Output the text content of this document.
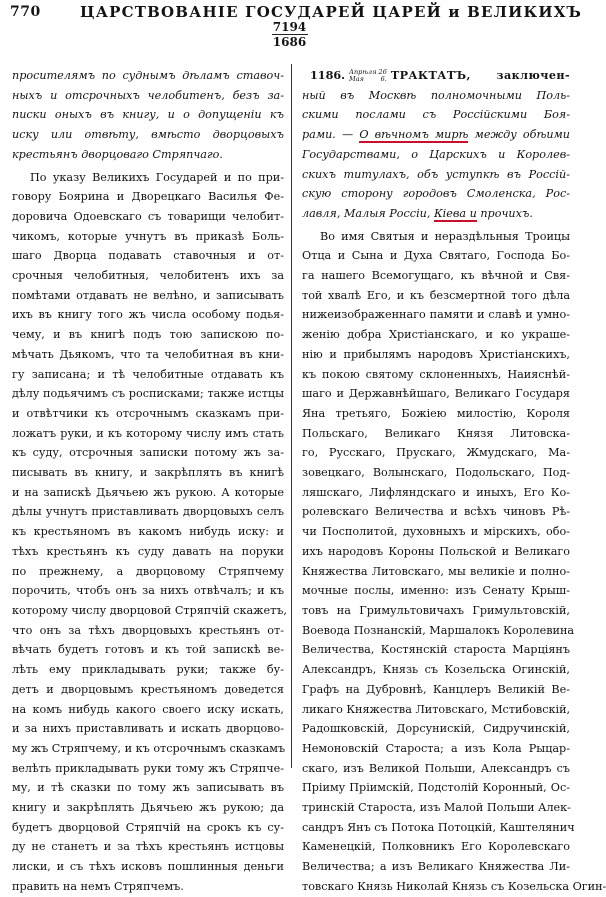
770	ЦАРСТВОВАНІЕ ГОСУДАРЕЙ ЦАРЕЙ и ВЕЛИКИХЪ
7194
1686
просителямъ по суднымъ дѣламъ ставоч-
ныхъ и отсрочныхъ челобитенъ, безъ за-
писки оныхъ въ книгу, и о допущеніи къ
иску или отвѣту, вмѣсто дворцовыхъ
крестьянъ дворцоваго Стряпчаго.
По указу Великихъ Государей и по при-
говору Боярина и Дворецкаго Василья Фе-
доровича Одоевскаго съ товарищи челобит-
чикомъ, которые учнутъ въ приказѣ Боль-
шаго Дворца подавать ставочныя и от-
срочныя челобитныя, челобитенъ ихъ за
помѣтами отдавать не велѣно, и записывать
ихъ въ книгу того жъ числа особому подья-
чему, и въ книгѣ подъ тою запискою по-
мѣчать Дьякомъ, что та челобитная въ кни-
гу записана; и тѣ челобитные отдавать къ
дѣлу подьячимъ съ росписками; также истцы
и отвѣтчики къ отсрочнымъ сказкамъ при-
ложатъ руки, и къ которому числу имъ стать
къ суду, отсрочныя записки потому жъ за-
писывать въ книгу, и закрѣплять въ книгѣ
и на запискѣ Дьячьею жъ рукою. А которые
дѣлы учнутъ приставливать дворцовыхъ селъ
къ крестьяномъ въ какомъ нибудь иску: и
тѣхъ крестьянъ къ суду давать на поруки
по прежнему, а дворцовому Стряпчему
порочить, чтобъ онъ за нихъ отвѣчалъ; и къ
которому числу дворцовой Стряпчій скажетъ,
что онъ за тѣхъ дворцовыхъ крестьянъ от-
вѣчать будетъ готовъ и къ той запискѣ ве-
лѣть ему прикладывать руки; также бу-
детъ и дворцовымъ крестьяномъ доведется
на комъ нибудь какого своего иску искать,
и за нихъ приставливать и искать дворцово-
му жъ Стряпчему, и къ отсрочнымъ сказкамъ
велѣть прикладывать руки тому жъ Стряпче-
му, и тѣ сказки по тому жъ записывать въ
книгу и закрѣплять Дьячьею жъ рукою; да
будетъ дворцовой Стряпчій на срокъ къ су-
ду не станетъ и за тѣхъ крестьянъ истцовы
лиски, и съ тѣхъ исковъ пошлинныя деньги
править на немъ Стряпчемъ.
1186. Апрѣля 26
Мая 6. ТРАКТАТЪ, заключен-
ный въ Москвѣ полномочными Поль-
скими послами съ Россійскими Боя-
рами. — О вѣчномъ мирѣ между обѣими
Государствами, о Царскихъ и Королев-
скихъ титулахъ, объ уступкѣ въ Россій-
скую сторону городовъ Смоленска, Рос-
лавля, Малыя Россіи, Кіева и прочихъ.
Во имя Святыя и нераздѣльныя Троицы
Отца и Сына и Духа Святаго, Господа Бо-
га нашего Всемогущаго, къ вѣчной и Свя-
той хвалѣ Его, и къ безсмертной того дѣла
нижеизображеннаго памяти и славѣ и умно-
женію добра Христіанскаго, и ко украше-
нію и прибылямъ народовъ Христіанскихъ,
къ покою святому склоненныхъ, Наияснѣй-
шаго и Державнѣйшаго, Великаго Государя
Яна третьяго, Божіею милостію, Короля
Польскаго, Великаго Князя Литовска-
го, Русскаго, Прускаго, Жмудскаго, Ма-
зовецкаго, Волынскаго, Подольскаго, Под-
ляшскаго, Лифляндскаго и иныхъ, Его Ко-
ролевскаго Величества и всѣхъ чиновъ Рѣ-
чи Посполитой, духовныхъ и мірскихъ, обо-
ихъ народовъ Короны Польской и Великаго
Княжества Литовскаго, мы великіе и полно-
мочные послы, именно: изъ Сенату Крыш-
товъ на Гримультовичахъ Гримультовскій,
Воевода Познанскій, Маршалокъ Королевина
Величества, Костянскій староста Марціянъ
Александръ, Князь съ Козельска Огинскій,
Графъ на Дубровнѣ, Канцлеръ Великій Ве-
ликаго Княжества Литовскаго, Мстибовскій,
Радошковскій, Дорсунискій, Сидручинскій,
Немоновскій Староста; а изъ Кола Рыцар-
скаго, изъ Великой Польши, Александръ съ
Пріиму Пріимскій, Подстолій Коронный, Ос-
тринскій Староста, изъ Малой Польши Алек-
сандръ Янъ съ Потока Потоцкій, Каштелянич
Каменецкій, Полковникъ Его Королевскаго
Величества; а изъ Великаго Княжества Ли-
товскаго Князь Николай Князь съ Козельска Огин-
